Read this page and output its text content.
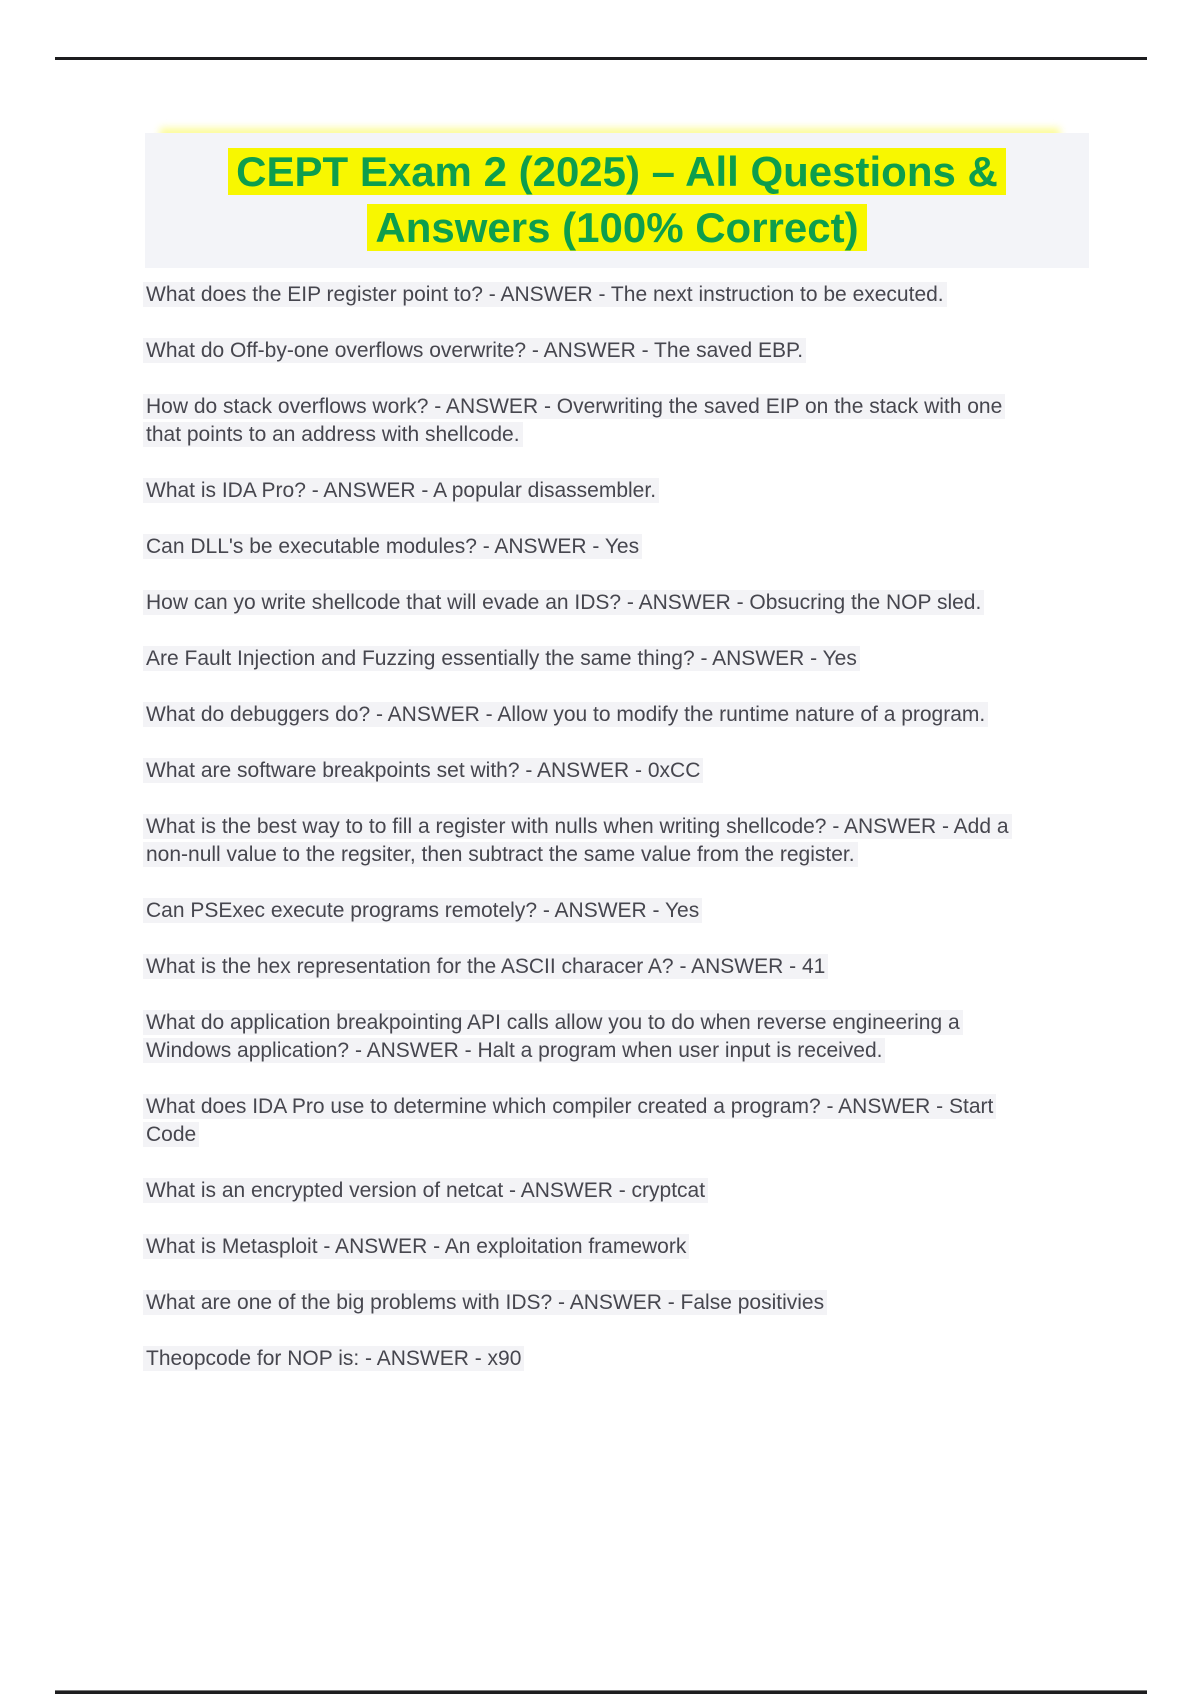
CEPT Exam 2 (2025) – All Questions & Answers (100% Correct)

What does the EIP register point to? - ANSWER - The next instruction to be executed.

What do Off-by-one overflows overwrite? - ANSWER - The saved EBP.

How do stack overflows work? - ANSWER - Overwriting the saved EIP on the stack with one that points to an address with shellcode.

What is IDA Pro? - ANSWER - A popular disassembler.

Can DLL's be executable modules? - ANSWER - Yes

How can yo write shellcode that will evade an IDS? - ANSWER - Obsucring the NOP sled.

Are Fault Injection and Fuzzing essentially the same thing? - ANSWER - Yes

What do debuggers do? - ANSWER - Allow you to modify the runtime nature of a program.

What are software breakpoints set with? - ANSWER - 0xCC

What is the best way to to fill a register with nulls when writing shellcode? - ANSWER - Add a non-null value to the regsiter, then subtract the same value from the register.

Can PSExec execute programs remotely? - ANSWER - Yes

What is the hex representation for the ASCII characer A? - ANSWER - 41

What do application breakpointing API calls allow you to do when reverse engineering a Windows application? - ANSWER - Halt a program when user input is received.

What does IDA Pro use to determine which compiler created a program? - ANSWER - Start Code

What is an encrypted version of netcat - ANSWER - cryptcat

What is Metasploit - ANSWER - An exploitation framework

What are one of the big problems with IDS? - ANSWER - False positivies

Theopcode for NOP is: - ANSWER - x90
